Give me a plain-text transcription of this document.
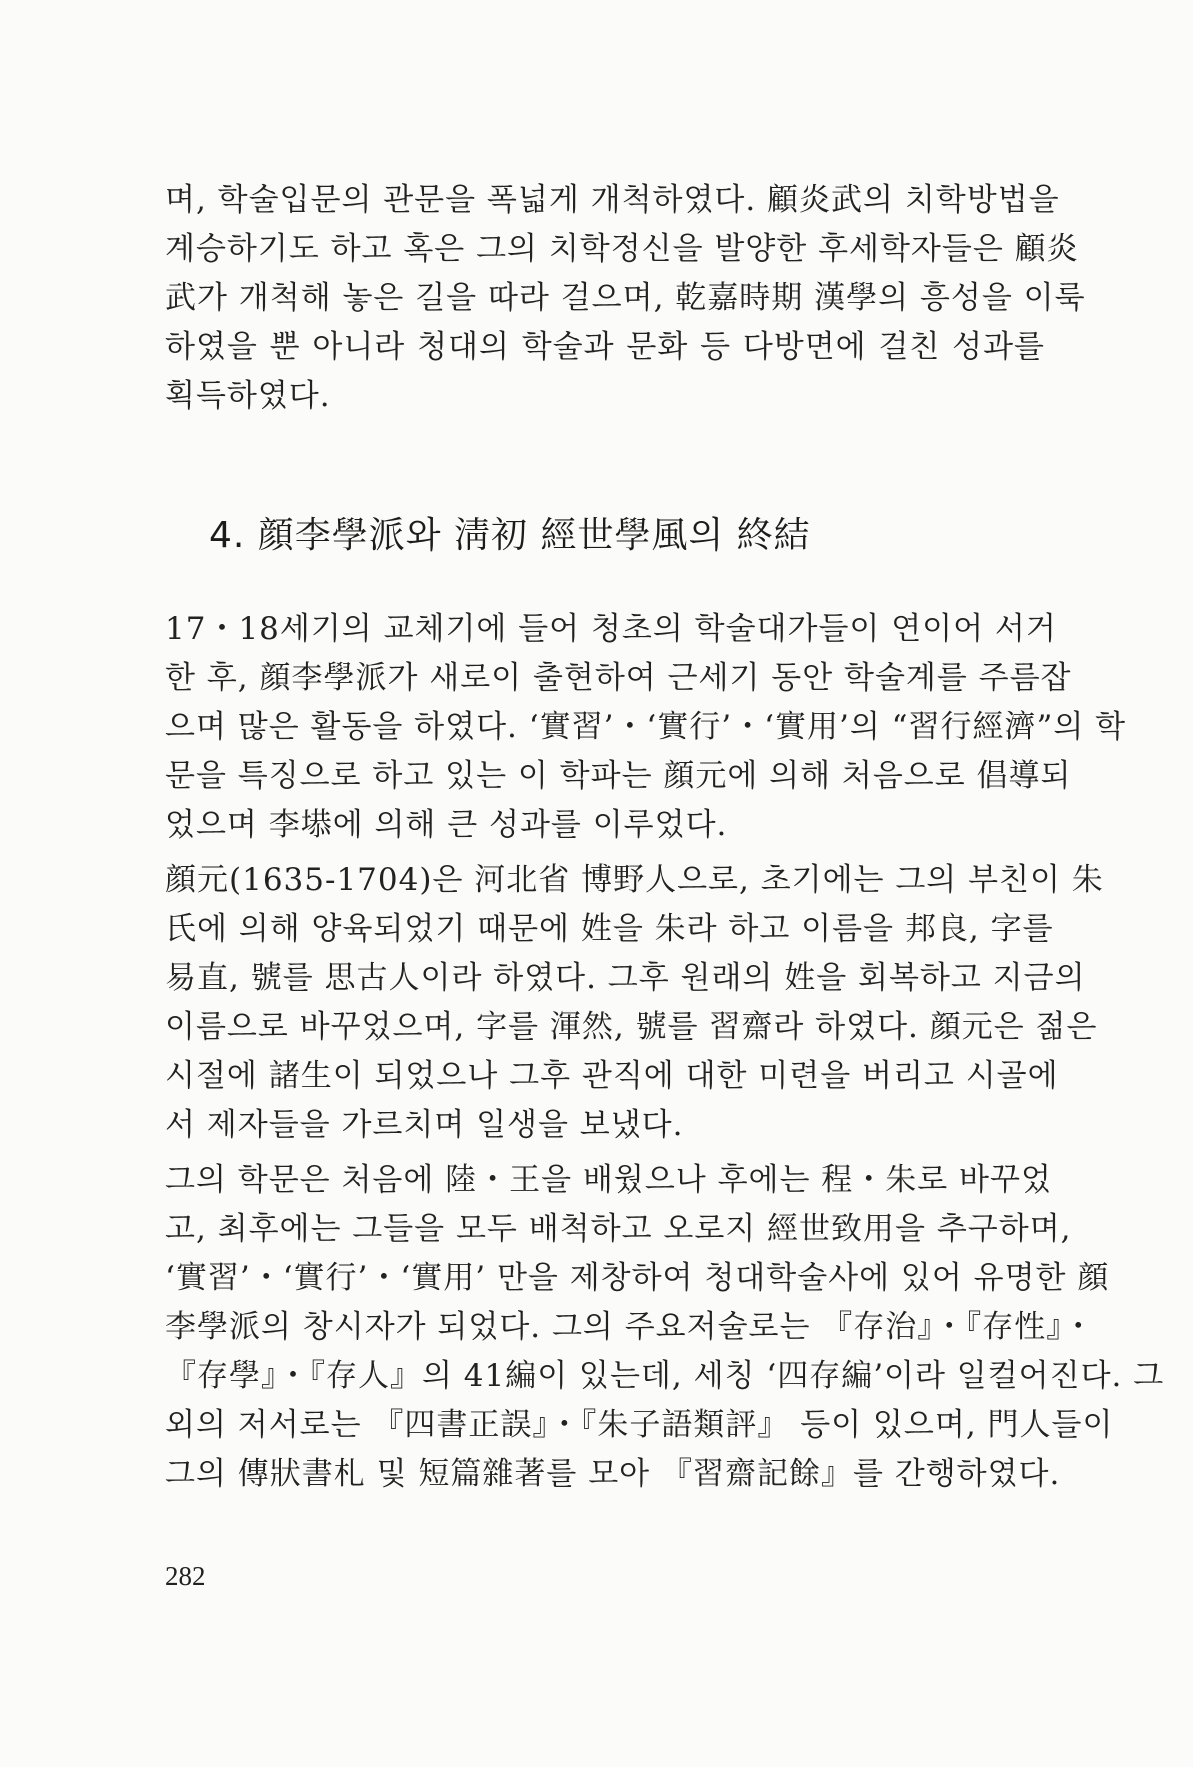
며, 학술입문의 관문을 폭넓게 개척하였다. 顧炎武의 치학방법을
계승하기도 하고 혹은 그의 치학정신을 발양한 후세학자들은 顧炎
武가 개척해 놓은 길을 따라 걸으며, 乾嘉時期 漢學의 흥성을 이룩
하였을 뿐 아니라 청대의 학술과 문화 등 다방면에 걸친 성과를
획득하였다.
4. 顔李學派와 淸初 經世學風의 終結
17・18세기의 교체기에 들어 청초의 학술대가들이 연이어 서거
한 후, 顔李學派가 새로이 출현하여 근세기 동안 학술계를 주름잡
으며 많은 활동을 하였다. ‘實習’・‘實行’・‘實用’의 “習行經濟”의 학
문을 특징으로 하고 있는 이 학파는 顔元에 의해 처음으로 倡導되
었으며 李塨에 의해 큰 성과를 이루었다.
顔元(1635-1704)은 河北省 博野人으로, 초기에는 그의 부친이 朱
氏에 의해 양육되었기 때문에 姓을 朱라 하고 이름을 邦良, 字를
易直, 號를 思古人이라 하였다. 그후 원래의 姓을 회복하고 지금의
이름으로 바꾸었으며, 字를 渾然, 號를 習齋라 하였다. 顔元은 젊은
시절에 諸生이 되었으나 그후 관직에 대한 미련을 버리고 시골에
서 제자들을 가르치며 일생을 보냈다.
그의 학문은 처음에 陸・王을 배웠으나 후에는 程・朱로 바꾸었
고, 최후에는 그들을 모두 배척하고 오로지 經世致用을 추구하며,
‘實習’・‘實行’・‘實用’ 만을 제창하여 청대학술사에 있어 유명한 顔
李學派의 창시자가 되었다. 그의 주요저술로는 『存治』・『存性』・
『存學』・『存人』의 41編이 있는데, 세칭 ‘四存編’이라 일컬어진다. 그
외의 저서로는 『四書正誤』・『朱子語類評』 등이 있으며, 門人들이
그의 傳狀書札 및 短篇雜著를 모아 『習齋記餘』를 간행하였다.
282
